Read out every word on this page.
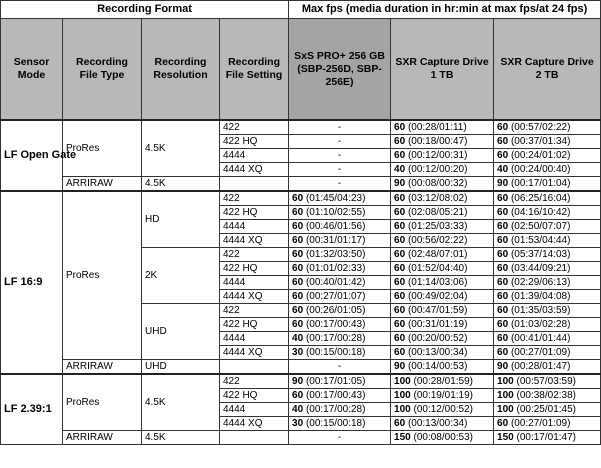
Recording Format				Max fps (media duration in hr:min at max fps/at 24 fps)		
Sensor Mode	Recording File Type	Recording Resolution	Recording File Setting	SxS PRO+ 256 GB (SBP-256D, SBP-256E)	SXR Capture Drive 1 TB	SXR Capture Drive 2 TB
LF Open Gate	ProRes	4.5K	422	-	60 (00:28/01:11)	60 (00:57/02:22)
			422 HQ	-	60 (00:18/00:47)	60 (00:37/01:34)
			4444	-	60 (00:12/00:31)	60 (00:24/01:02)
			4444 XQ	-	40 (00:12/00:20)	40 (00:24/00:40)
	ARRIRAW	4.5K		-	90 (00:08/00:32)	90 (00:17/01:04)
LF 16:9	ProRes	HD	422	60 (01:45/04:23)	60 (03:12/08:02)	60 (06:25/16:04)
			422 HQ	60 (01:10/02:55)	60 (02:08/05:21)	60 (04:16/10:42)
			4444	60 (00:46/01:56)	60 (01:25/03:33)	60 (02:50/07:07)
			4444 XQ	60 (00:31/01:17)	60 (00:56/02:22)	60 (01:53/04:44)
		2K	422	60 (01:32/03:50)	60 (02:48/07:01)	60 (05:37/14:03)
			422 HQ	60 (01:01/02:33)	60 (01:52/04:40)	60 (03:44/09:21)
			4444	60 (00:40/01:42)	60 (01:14/03:06)	60 (02:29/06:13)
			4444 XQ	60 (00:27/01:07)	60 (00:49/02:04)	60 (01:39/04:08)
		UHD	422	60 (00:26/01:05)	60 (00:47/01:59)	60 (01:35/03:59)
			422 HQ	60 (00:17/00:43)	60 (00:31/01:19)	60 (01:03/02:28)
			4444	40 (00:17/00:28)	60 (00:20/00:52)	60 (00:41/01:44)
			4444 XQ	30 (00:15/00:18)	60 (00:13/00:34)	60 (00:27/01:09)
	ARRIRAW	UHD		-	90 (00:14/00:53)	90 (00:28/01:47)
LF 2.39:1	ProRes	4.5K	422	90 (00:17/01:05)	100 (00:28/01:59)	100 (00:57/03:59)
			422 HQ	60 (00:17/00:43)	100 (00:19/01:19)	100 (00:38/02:38)
			4444	40 (00:17/00:28)	100 (00:12/00:52)	100 (00:25/01:45)
			4444 XQ	30 (00:15/00:18)	60 (00:13/00:34)	60 (00:27/01:09)
	ARRIRAW	4.5K		-	150 (00:08/00:53)	150 (00:17/01:47)
